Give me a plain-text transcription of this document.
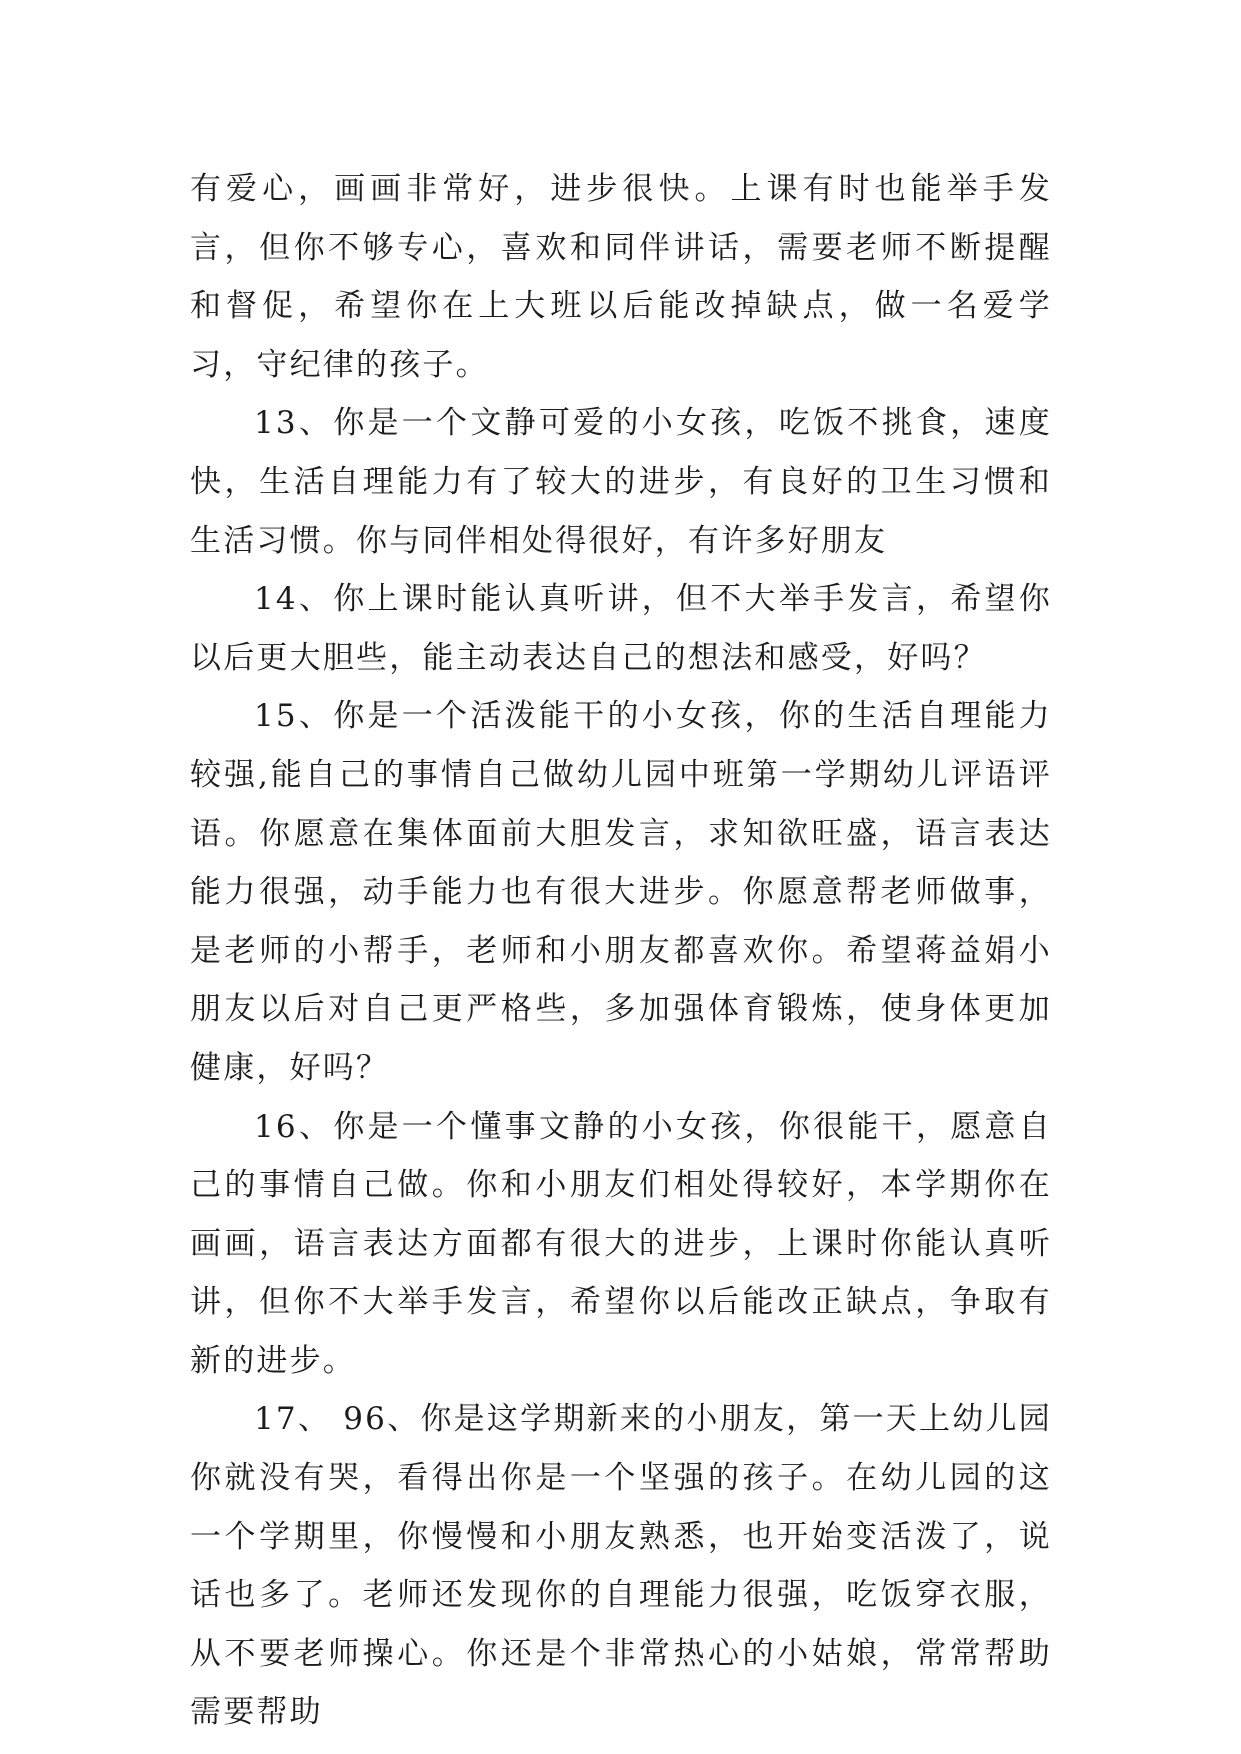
有爱心，画画非常好，进步很快。上课有时也能举手发言，但你不够专心，喜欢和同伴讲话，需要老师不断提醒和督促，希望你在上大班以后能改掉缺点，做一名爱学习，守纪律的孩子。

13、你是一个文静可爱的小女孩，吃饭不挑食，速度快，生活自理能力有了较大的进步，有良好的卫生习惯和生活习惯。你与同伴相处得很好，有许多好朋友

14、你上课时能认真听讲，但不大举手发言，希望你以后更大胆些，能主动表达自己的想法和感受，好吗？

15、你是一个活泼能干的小女孩，你的生活自理能力较强,能自己的事情自己做幼儿园中班第一学期幼儿评语评语。你愿意在集体面前大胆发言，求知欲旺盛，语言表达能力很强，动手能力也有很大进步。你愿意帮老师做事，是老师的小帮手，老师和小朋友都喜欢你。希望蒋益娟小朋友以后对自己更严格些，多加强体育锻炼，使身体更加健康，好吗？

16、你是一个懂事文静的小女孩，你很能干，愿意自己的事情自己做。你和小朋友们相处得较好，本学期你在画画，语言表达方面都有很大的进步，上课时你能认真听讲，但你不大举手发言，希望你以后能改正缺点，争取有新的进步。

17、 96、你是这学期新来的小朋友，第一天上幼儿园你就没有哭，看得出你是一个坚强的孩子。在幼儿园的这一个学期里，你慢慢和小朋友熟悉，也开始变活泼了，说话也多了。老师还发现你的自理能力很强，吃饭穿衣服，从不要老师操心。你还是个非常热心的小姑娘，常常帮助需要帮助
